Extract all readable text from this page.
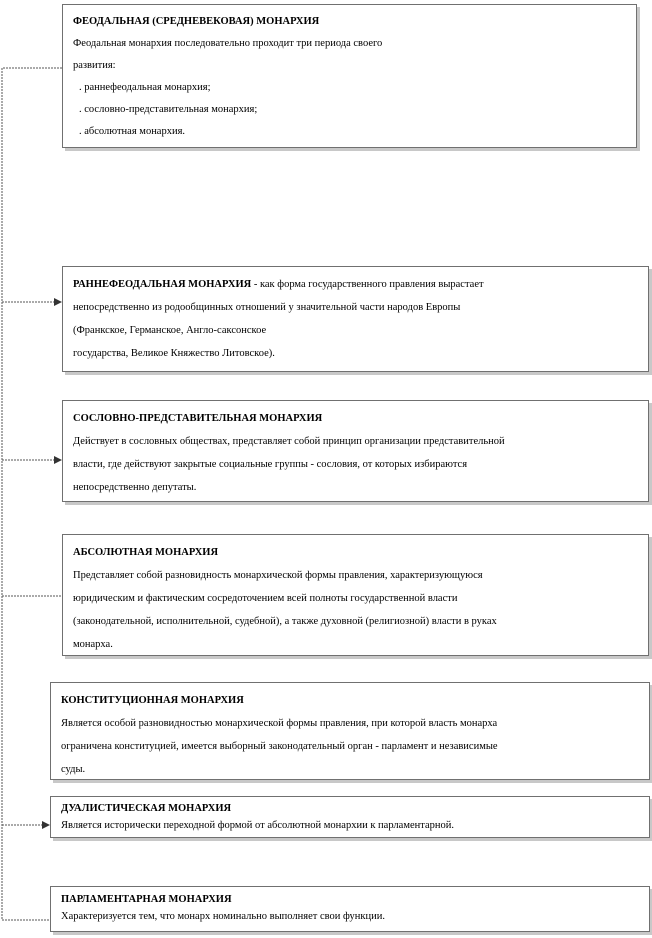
ФЕОДАЛЬНАЯ (СРЕДНЕВЕКОВАЯ) МОНАРХИЯ
Феодальная монархия последовательно проходит три периода своего
развития:
. раннефеодальная монархия;
. сословно-представительная монархия;
. абсолютная монархия.
РАННЕФЕОДАЛЬНАЯ МОНАРХИЯ - как форма государственного правления вырастает
непосредственно из родообщинных отношений у значительной части народов Европы
(Франкское, Германское, Англо-саксонское
государства, Великое Княжество Литовское).
СОСЛОВНО-ПРЕДСТАВИТЕЛЬНАЯ МОНАРХИЯ
Действует в сословных обществах, представляет собой принцип организации представительной
власти, где действуют закрытые социальные группы - сословия, от которых избираются
непосредственно депутаты.
АБСОЛЮТНАЯ МОНАРХИЯ
Представляет собой разновидность монархической формы правления, характеризующуюся
юридическим и фактическим сосредоточением всей полноты государственной власти
(законодательной, исполнительной, судебной), а также духовной (религиозной) власти в руках
монарха.
КОНСТИТУЦИОННАЯ МОНАРХИЯ
Является особой разновидностью монархической формы правления, при которой власть монарха
ограничена конституцией, имеется выборный законодательный орган - парламент и независимые
суды.
ДУАЛИСТИЧЕСКАЯ МОНАРХИЯ
Является исторически переходной формой от абсолютной монархии к парламентарной.
ПАРЛАМЕНТАРНАЯ МОНАРХИЯ
Характеризуется тем, что монарх номинально выполняет свои функции.
